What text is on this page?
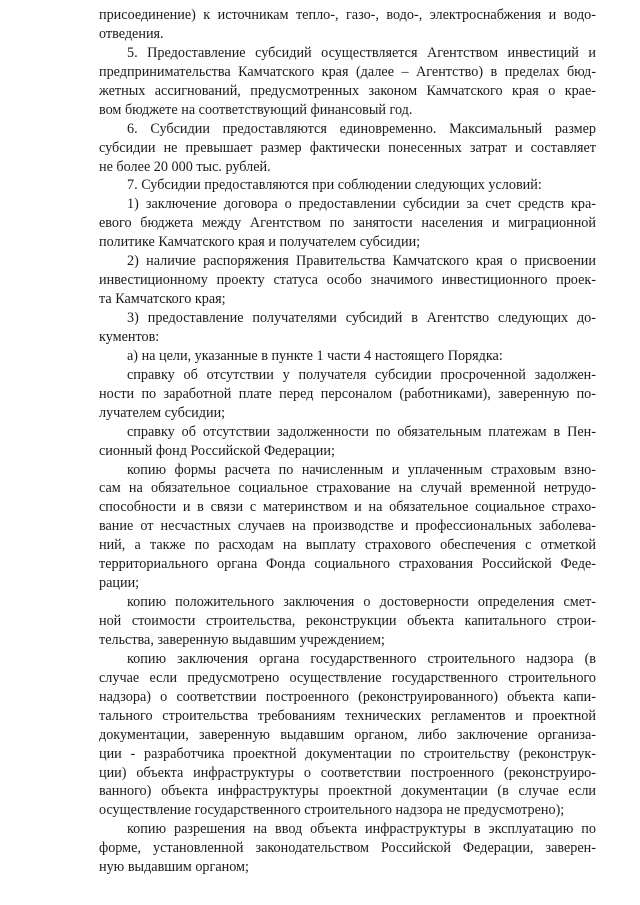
присоединение) к источникам тепло-, газо-, водо-, электроснабжения и водо-
отведения.
5. Предоставление субсидий осуществляется Агентством инвестиций и
предпринимательства Камчатского края (далее – Агентство) в пределах бюд-
жетных ассигнований, предусмотренных законом Камчатского края о крае-
вом бюджете на соответствующий финансовый год.
6. Субсидии предоставляются единовременно. Максимальный размер
субсидии не превышает размер фактически понесенных затрат и составляет
не более 20 000 тыс. рублей.
7. Субсидии предоставляются при соблюдении следующих условий:
1) заключение договора о предоставлении субсидии за счет средств кра-
евого бюджета между Агентством по занятости населения и миграционной
политике Камчатского края и получателем субсидии;
2) наличие распоряжения Правительства Камчатского края о присвоении
инвестиционному проекту статуса особо значимого инвестиционного проек-
та Камчатского края;
3) предоставление получателями субсидий в Агентство следующих до-
кументов:
а) на цели, указанные в пункте 1 части 4 настоящего Порядка:
справку об отсутствии у получателя субсидии просроченной задолжен-
ности по заработной плате перед персоналом (работниками), заверенную по-
лучателем субсидии;
справку об отсутствии задолженности по обязательным платежам в Пен-
сионный фонд Российской Федерации;
копию формы расчета по начисленным и уплаченным страховым взно-
сам на обязательное социальное страхование на случай временной нетрудо-
способности и в связи с материнством и на обязательное социальное страхо-
вание от несчастных случаев на производстве и профессиональных заболева-
ний, а также по расходам на выплату страхового обеспечения с отметкой
территориального органа Фонда социального страхования Российской Феде-
рации;
копию положительного заключения о достоверности определения смет-
ной стоимости строительства, реконструкции объекта капитального строи-
тельства, заверенную выдавшим учреждением;
копию заключения органа государственного строительного надзора (в
случае если предусмотрено осуществление государственного строительного
надзора) о соответствии построенного (реконструированного) объекта капи-
тального строительства требованиям технических регламентов и проектной
документации, заверенную выдавшим органом, либо заключение организа-
ции - разработчика проектной документации по строительству (реконструк-
ции) объекта инфраструктуры о соответствии построенного (реконструиро-
ванного) объекта инфраструктуры проектной документации (в случае если
осуществление государственного строительного надзора не предусмотрено);
копию разрешения на ввод объекта инфраструктуры в эксплуатацию по
форме, установленной законодательством Российской Федерации, заверен-
ную выдавшим органом;
